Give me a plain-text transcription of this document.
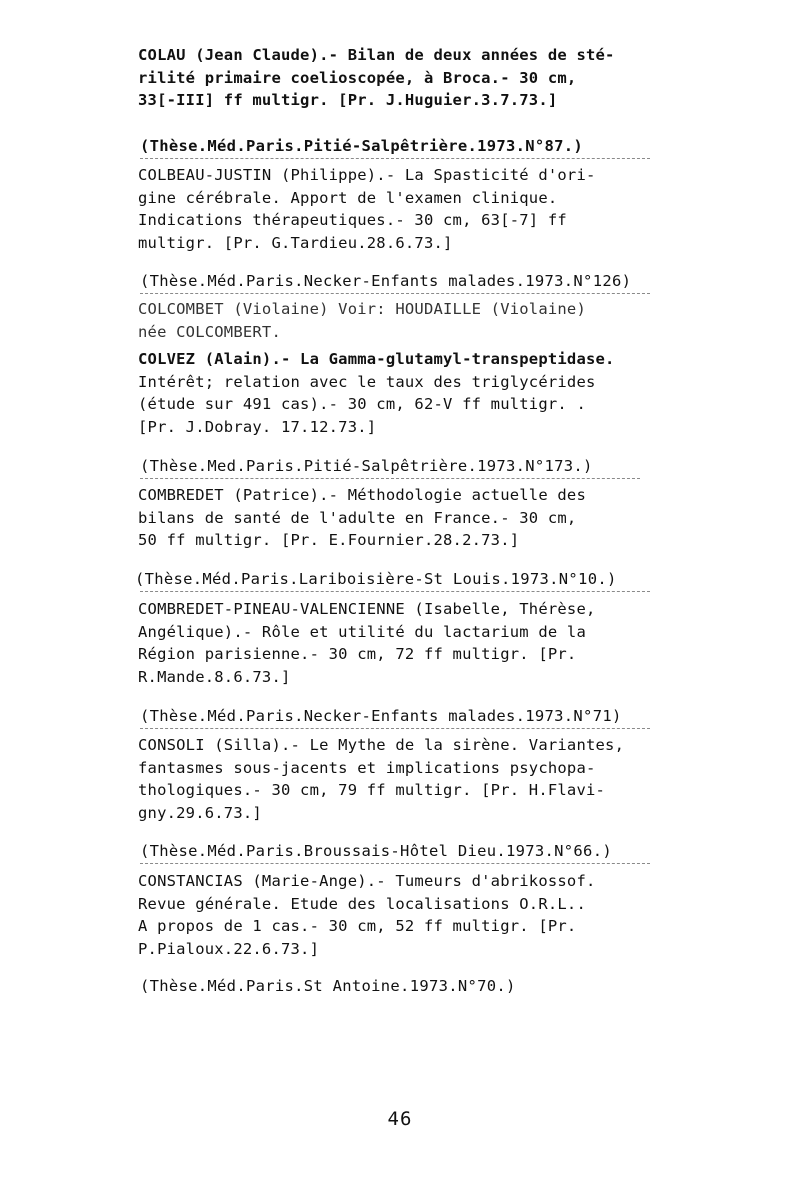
COLAU (Jean Claude).- Bilan de deux années de sté-
rilité primaire coelioscopée, à Broca.- 30 cm,
33[-III] ff multigr. [Pr. J.Huguier.3.7.73.]
(Thèse.Méd.Paris.Pitié-Salpêtrière.1973.N°87.)
COLBEAU-JUSTIN (Philippe).- La Spasticité d'ori-
gine cérébrale. Apport de l'examen clinique.
Indications thérapeutiques.- 30 cm, 63[-7] ff
multigr. [Pr. G.Tardieu.28.6.73.]
(Thèse.Méd.Paris.Necker-Enfants malades.1973.N°126)
COLCOMBET (Violaine) Voir: HOUDAILLE (Violaine)
née COLCOMBERT.
COLVEZ (Alain).- La Gamma-glutamyl-transpeptidase.
Intérêt; relation avec le taux des triglycérides
(étude sur 491 cas).- 30 cm, 62-V ff multigr. .
[Pr. J.Dobray. 17.12.73.]
(Thèse.Med.Paris.Pitié-Salpêtrière.1973.N°173.)
COMBREDET (Patrice).- Méthodologie actuelle des
bilans de santé de l'adulte en France.- 30 cm,
50 ff multigr. [Pr. E.Fournier.28.2.73.]
(Thèse.Méd.Paris.Lariboisière-St Louis.1973.N°10.)
COMBREDET-PINEAU-VALENCIENNE (Isabelle, Thérèse,
Angélique).- Rôle et utilité du lactarium de la
Région parisienne.- 30 cm, 72 ff multigr. [Pr.
R.Mande.8.6.73.]
(Thèse.Méd.Paris.Necker-Enfants malades.1973.N°71)
CONSOLI (Silla).- Le Mythe de la sirène. Variantes,
fantasmes sous-jacents et implications psychopa-
thologiques.- 30 cm, 79 ff multigr. [Pr. H.Flavi-
gny.29.6.73.]
(Thèse.Méd.Paris.Broussais-Hôtel Dieu.1973.N°66.)
CONSTANCIAS (Marie-Ange).- Tumeurs d'abrikossof.
Revue générale. Etude des localisations O.R.L..
A propos de 1 cas.- 30 cm, 52 ff multigr. [Pr.
P.Pialoux.22.6.73.]
(Thèse.Méd.Paris.St Antoine.1973.N°70.)
46
